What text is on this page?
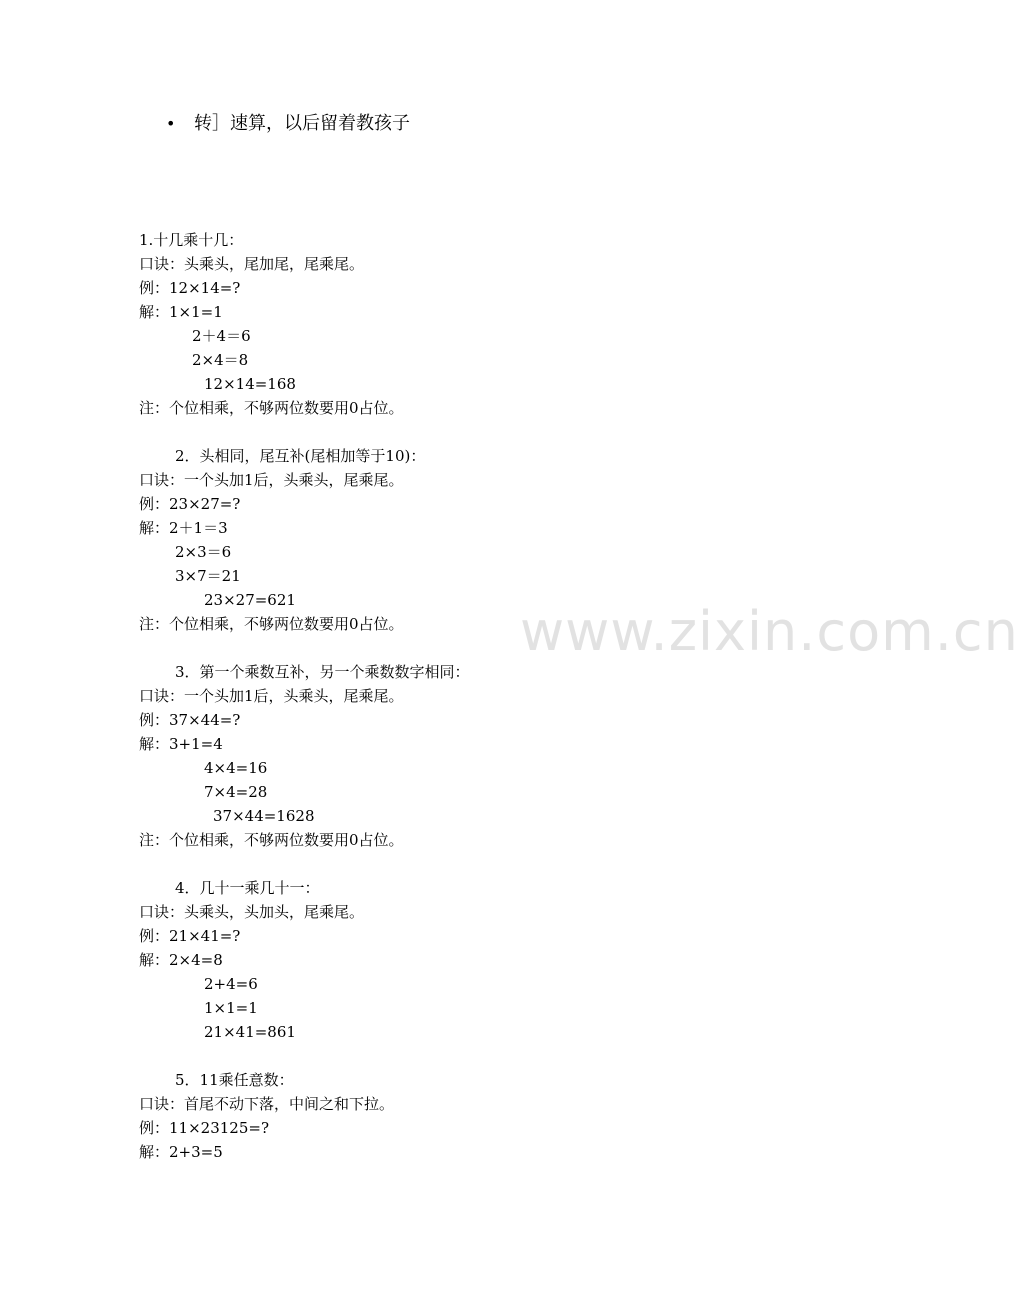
• 转］速算，以后留着教孩子
www.zixin.com.cn
1.十几乘十几：
口诀：头乘头，尾加尾，尾乘尾。
例：12×14=?
解：1×1=1
2＋4＝6
2×4＝8
12×14=168
注：个位相乘，不够两位数要用0占位。
2．头相同，尾互补(尾相加等于10)：
口诀：一个头加1后，头乘头，尾乘尾。
例：23×27=?
解：2＋1＝3
2×3＝6
3×7＝21
23×27=621
注：个位相乘，不够两位数要用0占位。
3．第一个乘数互补，另一个乘数数字相同：
口诀：一个头加1后，头乘头，尾乘尾。
例：37×44=?
解：3+1=4
4×4=16
7×4=28
37×44=1628
注：个位相乘，不够两位数要用0占位。
4．几十一乘几十一：
口诀：头乘头，头加头，尾乘尾。
例：21×41=?
解：2×4=8
2+4=6
1×1=1
21×41=861
5．11乘任意数：
口诀：首尾不动下落，中间之和下拉。
例：11×23125=?
解：2+3=5
